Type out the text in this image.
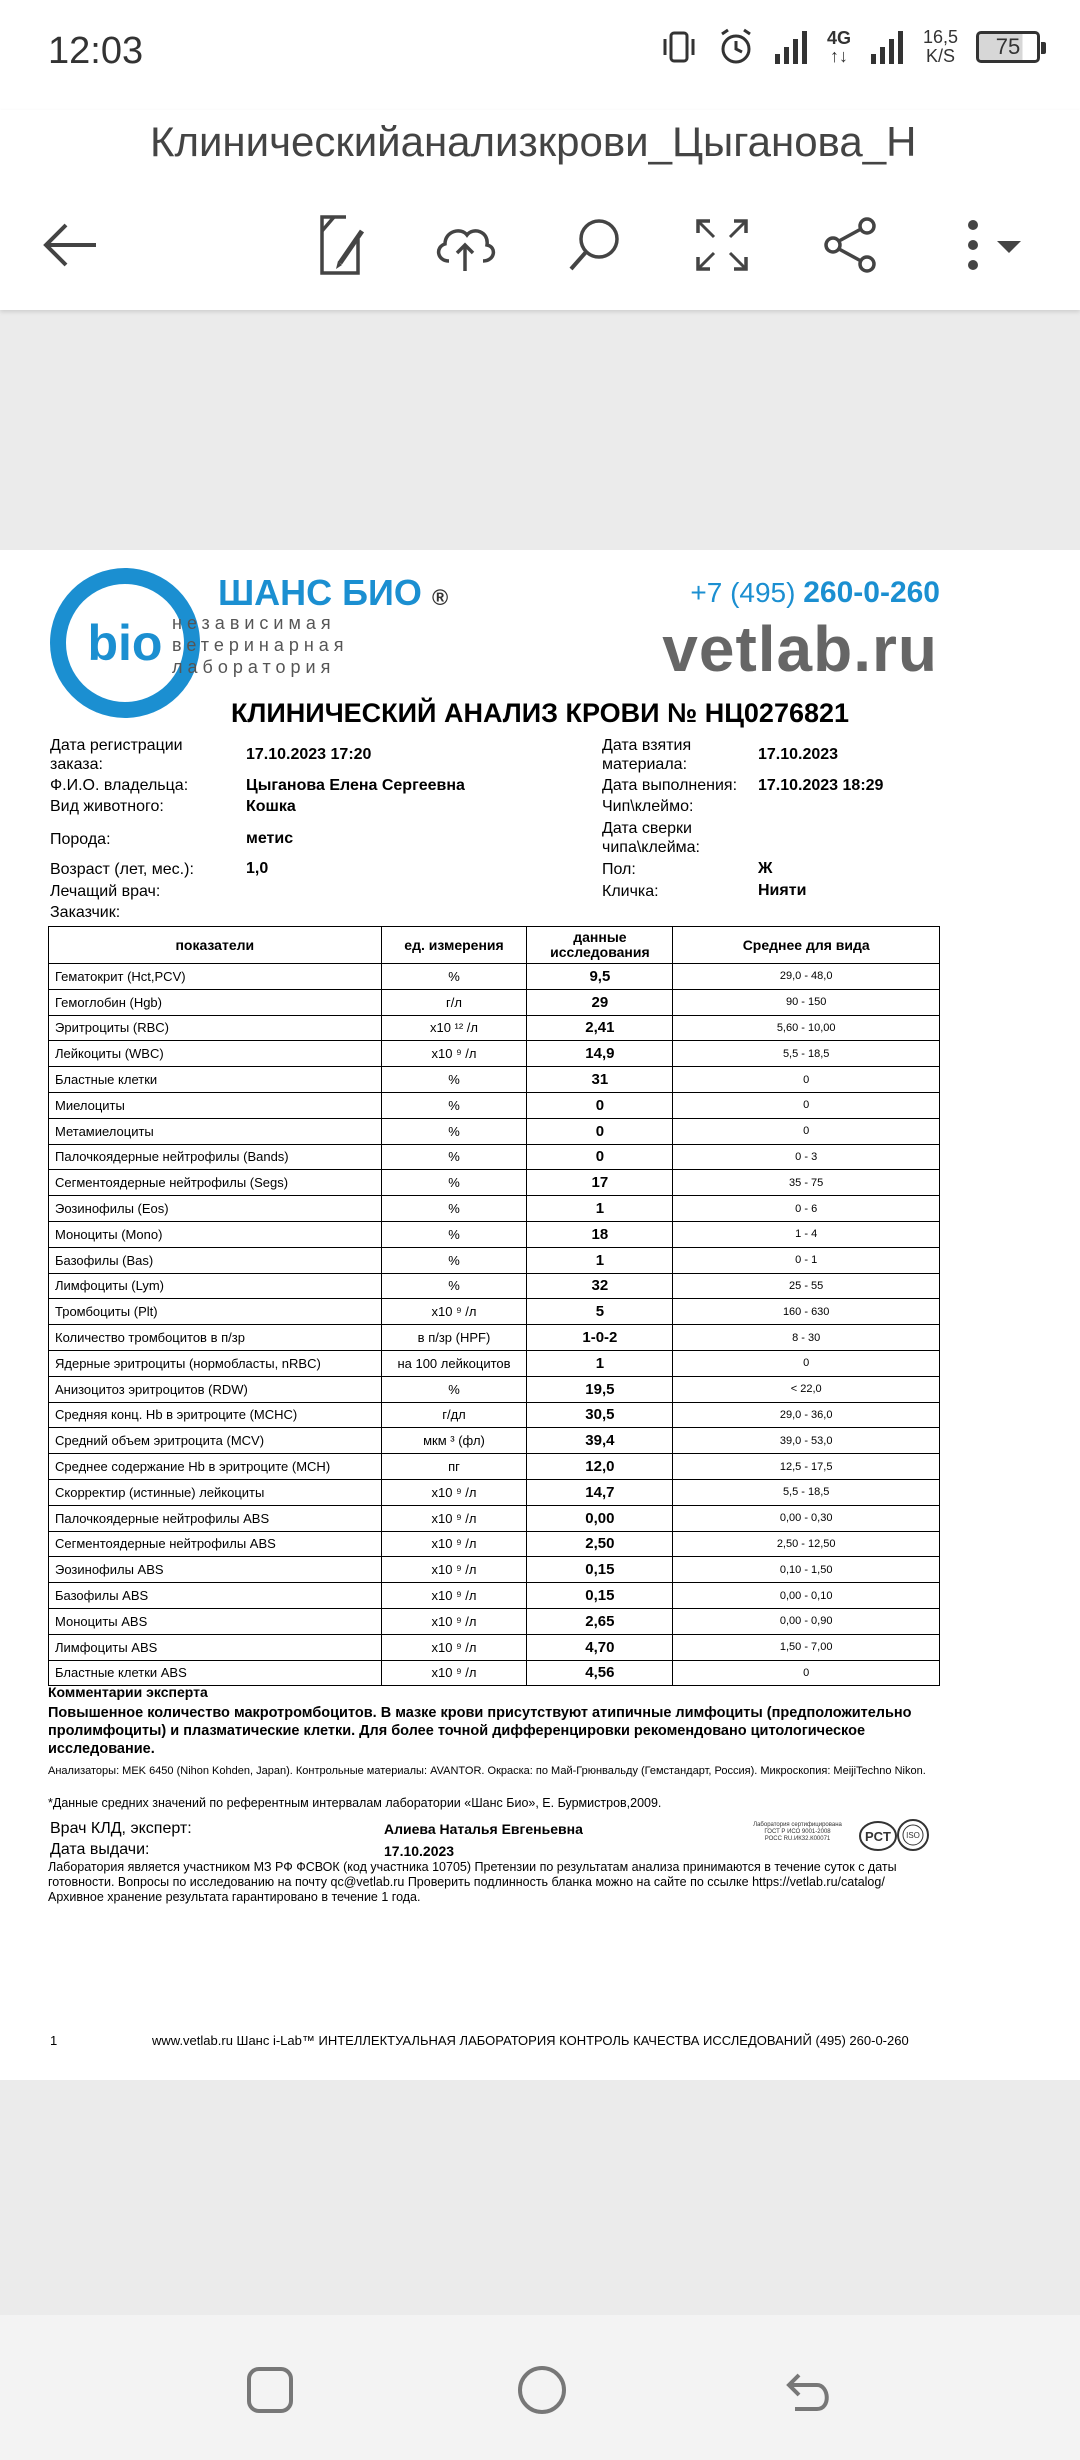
12:03	4G
↑↓
16,5
K/S	75
Клиническийанализкрови_Цыганова_Н
bio
ШАНС БИО ®
независимая ветеринарная лаборатория
+7 (495) 260-0-260
vetlab.ru
КЛИНИЧЕСКИЙ АНАЛИЗ КРОВИ № НЦ0276821
Дата регистрации заказа:
17.10.2023 17:20
Ф.И.О. владельца:	Цыганова Елена Сергеевна
Вид животного:	Кошка
Порода:	метис
Возраст (лет, мес.):	1,0
Лечащий врач:
Заказчик:
Дата взятия материала:
17.10.2023
Дата выполнения: 17.10.2023 18:29
Чип\клеймо:
Дата сверки чипа\клейма:
Пол:	Ж
Кличка:	Нияти
показатели	ед. измерения	данные исследования	Среднее для вида
Гематокрит (Hct,PCV)	%	9,5	29,0 - 48,0
Гемоглобин (Hgb)	г/л	29	90 - 150
Эритроциты (RBC)	x10 ¹² /л	2,41	5,60 - 10,00
Лейкоциты (WBC)	x10 ⁹ /л	14,9	5,5 - 18,5
Бластные клетки	%	31	0
Миелоциты	%	0	0
Метамиелоциты	%	0	0
Палочкоядерные нейтрофилы (Bands)	%	0	0 - 3
Сегментоядерные нейтрофилы (Segs)	%	17	35 - 75
Эозинофилы (Eos)	%	1	0 - 6
Моноциты (Mono)	%	18	1 - 4
Базофилы (Bas)	%	1	0 - 1
Лимфоциты (Lym)	%	32	25 - 55
Тромбоциты (Plt)	x10 ⁹ /л	5	160 - 630
Количество тромбоцитов в п/зр	в п/зр (HPF)	1-0-2	8 - 30
Ядерные эритроциты (нормобласты, nRBC)	на 100 лейкоцитов	1	0
Анизоцитоз эритроцитов (RDW)	%	19,5	< 22,0
Средняя конц. Hb в эритроците (MCHC)	г/дл	30,5	29,0 - 36,0
Средний объем эритроцита (MCV)	мкм ³ (фл)	39,4	39,0 - 53,0
Среднее содержание Hb в эритроците (MCH)	пг	12,0	12,5 - 17,5
Скорректир (истинные) лейкоциты	x10 ⁹ /л	14,7	5,5 - 18,5
Палочкоядерные нейтрофилы ABS	x10 ⁹ /л	0,00	0,00 - 0,30
Сегментоядерные нейтрофилы ABS	x10 ⁹ /л	2,50	2,50 - 12,50
Эозинофилы ABS	x10 ⁹ /л	0,15	0,10 - 1,50
Базофилы ABS	x10 ⁹ /л	0,15	0,00 - 0,10
Моноциты ABS	x10 ⁹ /л	2,65	0,00 - 0,90
Лимфоциты ABS	x10 ⁹ /л	4,70	1,50 - 7,00
Бластные клетки ABS	x10 ⁹ /л	4,56	0
Комментарии эксперта
Повышенное количество макротромбоцитов. В мазке крови присутствуют атипичные лимфоциты (предположительно пролимфоциты) и плазматические клетки. Для более точной дифференцировки рекомендовано цитологическое исследование.
Анализаторы: MEK 6450 (Nihon Kohden, Japan). Контрольные материалы: AVANTOR. Окраска: по Май-Грюнвальду (Гемстандарт, Россия). Микроскопия: MeijiTechno Nikon.
*Данные средних значений по референтным интервалам лаборатории «Шанс Био», Е. Бурмистров,2009.
Врач КЛД, эксперт:	Алиева Наталья Евгеньевна
Дата выдачи:	17.10.2023
Лаборатория сертифицирована
ГОСТ Р ИСО 9001-2008
РОСС RU.ИК32.К00071	PCT ISO
Лаборатория является участником МЗ РФ ФСВОК (код участника 10705) Претензии по результатам анализа принимаются в течение суток с даты готовности. Вопросы по исследованию на почту qc@vetlab.ru Проверить подлинность бланка можно на сайте по ссылке https://vetlab.ru/catalog/ Архивное хранение результата гарантировано в течение 1 года.
1	www.vetlab.ru Шанс i-Lab™ ИНТЕЛЛЕКТУАЛЬНАЯ ЛАБОРАТОРИЯ КОНТРОЛЬ КАЧЕСТВА ИССЛЕДОВАНИЙ (495) 260-0-260
